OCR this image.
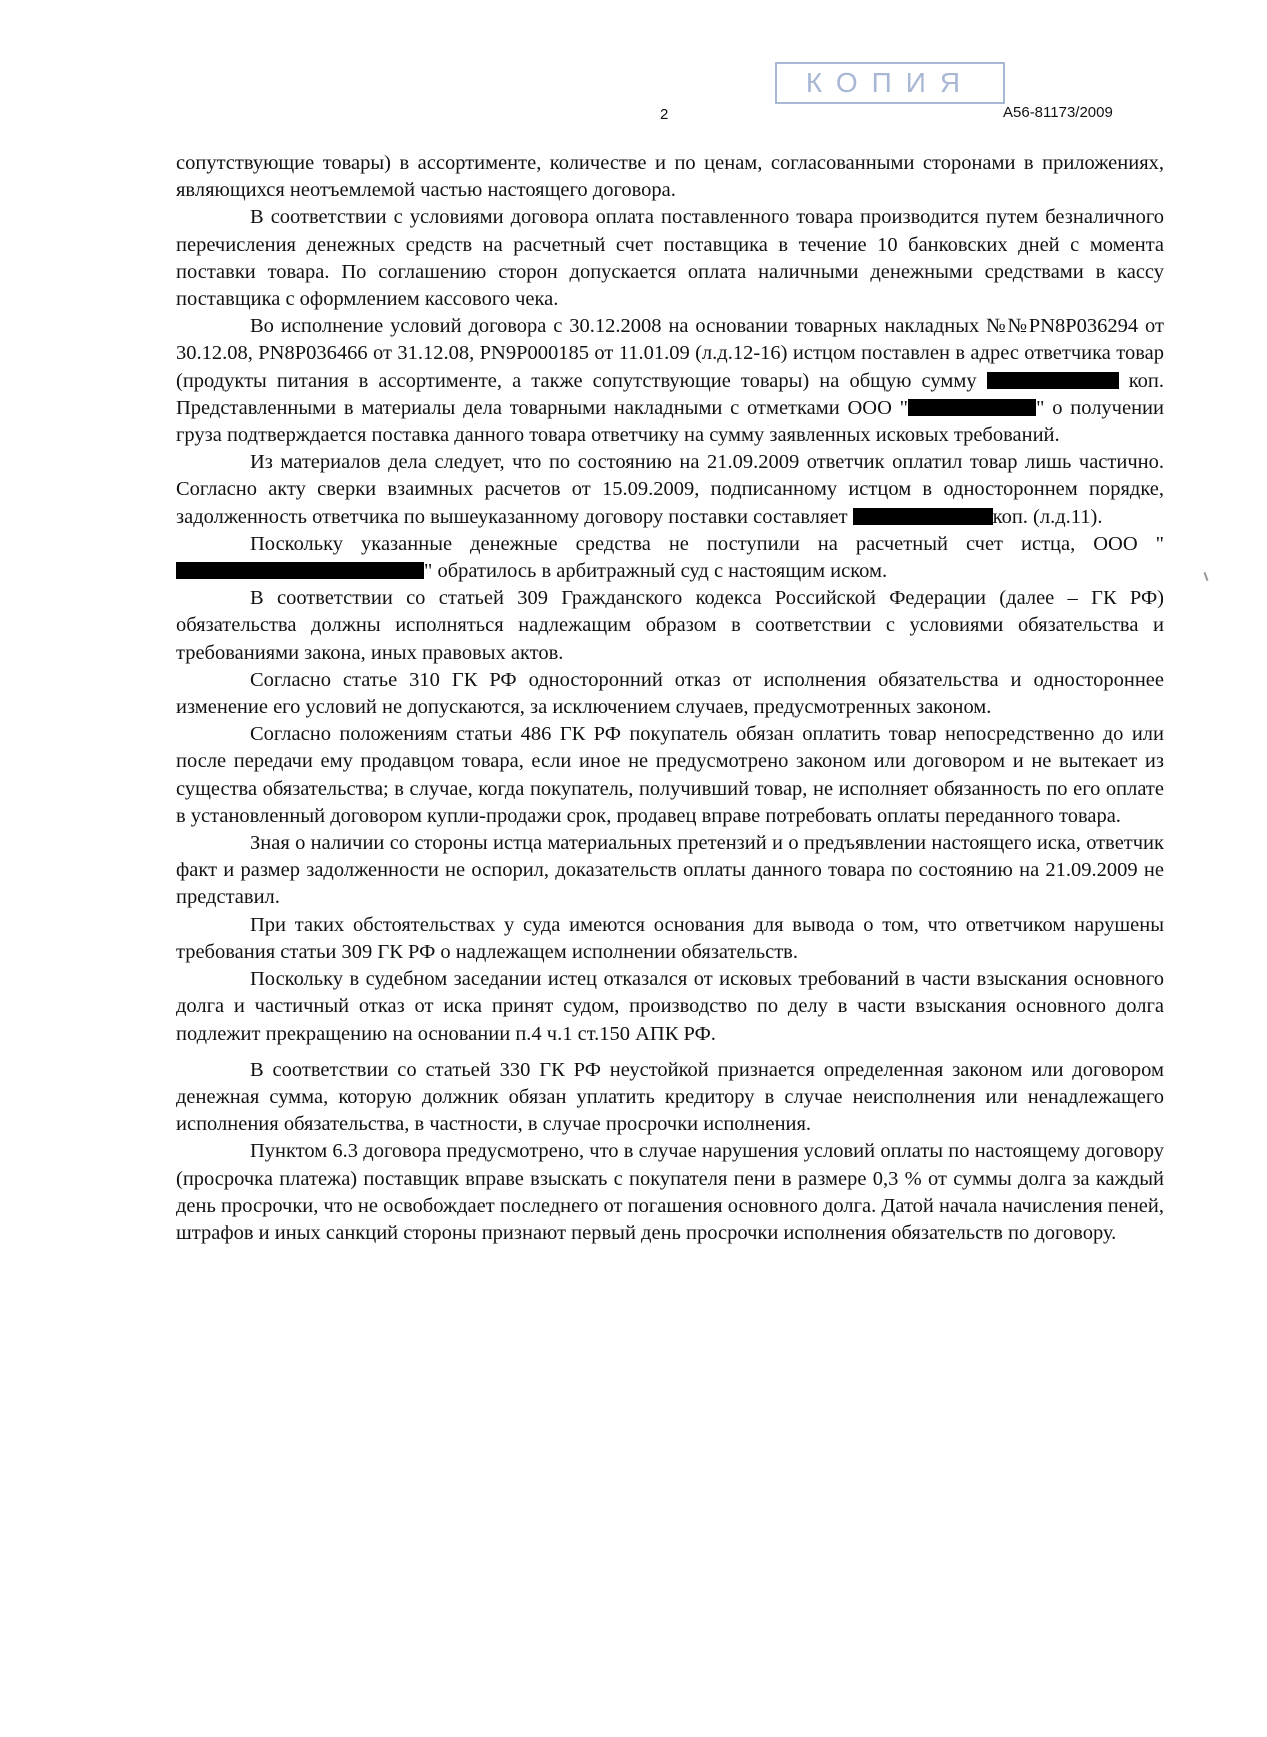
КОПИЯ
2	А56-81173/2009

сопутствующие товары) в ассортименте, количестве и по ценам, согласованными сторонами в приложениях, являющихся неотъемлемой частью настоящего договора.

В соответствии с условиями договора оплата поставленного товара производится путем безналичного перечисления денежных средств на расчетный счет поставщика в течение 10 банковских дней с момента поставки товара. По соглашению сторон допускается оплата наличными денежными средствами в кассу поставщика с оформлением кассового чека.

Во исполнение условий договора с 30.12.2008 на основании товарных накладных №№PN8P036294 от 30.12.08, PN8P036466 от 31.12.08, PN9P000185 от 11.01.09 (л.д.12-16) истцом поставлен в адрес ответчика товар (продукты питания в ассортименте, а также сопутствующие товары) на общую сумму	коп. Представленными в материалы дела товарными накладными с отметками ООО "	" о получении груза подтверждается поставка данного товара ответчику на сумму заявленных исковых требований.

Из материалов дела следует, что по состоянию на 21.09.2009 ответчик оплатил товар лишь частично. Согласно акту сверки взаимных расчетов от 15.09.2009, подписанному истцом в одностороннем порядке, задолженность ответчика по вышеуказанному договору поставки составляет	коп. (л.д.11).

Поскольку указанные денежные средства не поступили на расчетный счет истца, ООО "" обратилось в арбитражный суд с настоящим иском.

В соответствии со статьей 309 Гражданского кодекса Российской Федерации (далее – ГК РФ) обязательства должны исполняться надлежащим образом в соответствии с условиями обязательства и требованиями закона, иных правовых актов.

Согласно статье 310 ГК РФ односторонний отказ от исполнения обязательства и одностороннее изменение его условий не допускаются, за исключением случаев, предусмотренных законом.

Согласно положениям статьи 486 ГК РФ покупатель обязан оплатить товар непосредственно до или после передачи ему продавцом товара, если иное не предусмотрено законом или договором и не вытекает из существа обязательства; в случае, когда покупатель, получивший товар, не исполняет обязанность по его оплате в установленный договором купли-продажи срок, продавец вправе потребовать оплаты переданного товара.

Зная о наличии со стороны истца материальных претензий и о предъявлении настоящего иска, ответчик факт и размер задолженности не оспорил, доказательств оплаты данного товара по состоянию на 21.09.2009 не представил.

При таких обстоятельствах у суда имеются основания для вывода о том, что ответчиком нарушены требования статьи 309 ГК РФ о надлежащем исполнении обязательств.

Поскольку в судебном заседании истец отказался от исковых требований в части взыскания основного долга и частичный отказ от иска принят судом, производство по делу в части взыскания основного долга подлежит прекращению на основании п.4 ч.1 ст.150 АПК РФ.

В соответствии со статьей 330 ГК РФ неустойкой признается определенная законом или договором денежная сумма, которую должник обязан уплатить кредитору в случае неисполнения или ненадлежащего исполнения обязательства, в частности, в случае просрочки исполнения.

Пунктом 6.3 договора предусмотрено, что в случае нарушения условий оплаты по настоящему договору (просрочка платежа) поставщик вправе взыскать с покупателя пени в размере 0,3 % от суммы долга за каждый день просрочки, что не освобождает последнего от погашения основного долга. Датой начала начисления пеней, штрафов и иных санкций стороны признают первый день просрочки исполнения обязательств по договору.
